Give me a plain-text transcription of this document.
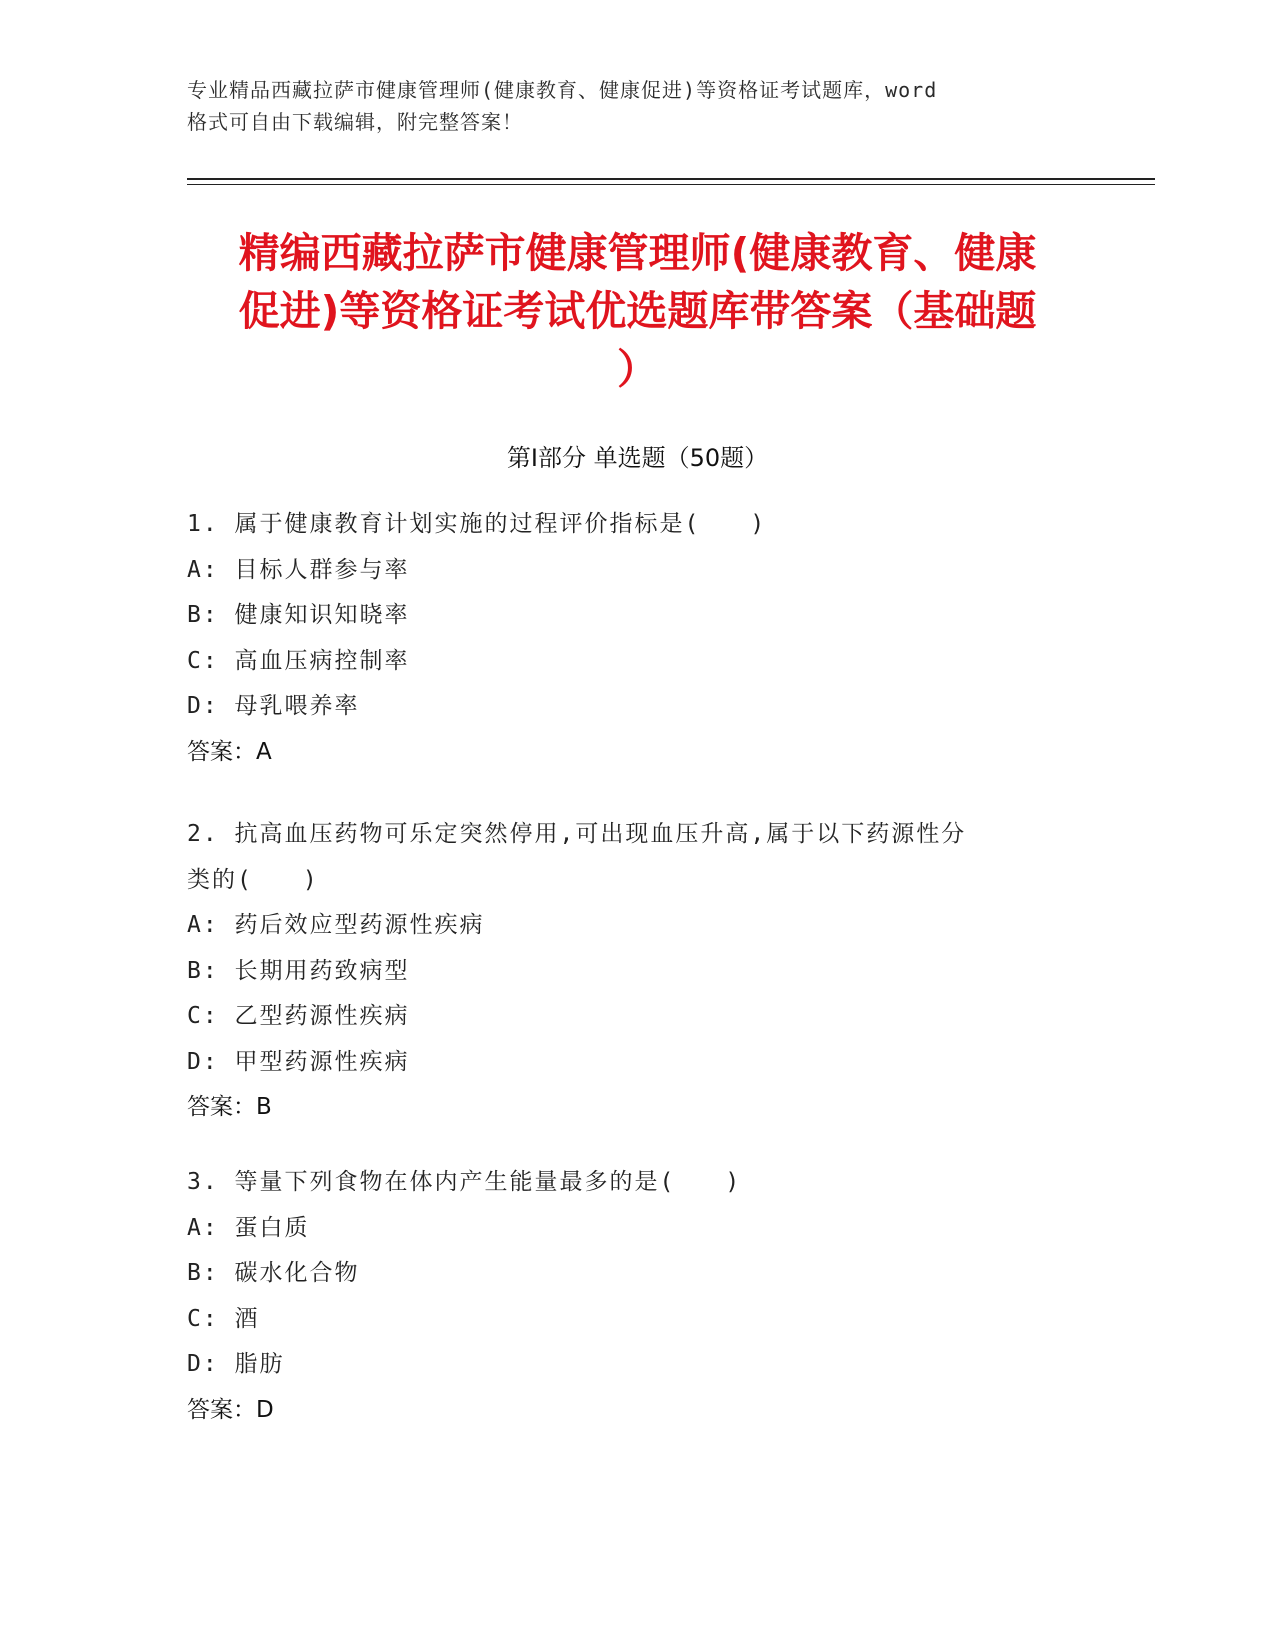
专业精品西藏拉萨市健康管理师(健康教育、健康促进)等资格证考试题库，word
格式可自由下载编辑，附完整答案！
精编西藏拉萨市健康管理师(健康教育、健康
促进)等资格证考试优选题库带答案（基础题
）
第Ⅰ部分 单选题（50题）
1. 属于健康教育计划实施的过程评价指标是(　　)
A: 目标人群参与率
B: 健康知识知晓率
C: 高血压病控制率
D: 母乳喂养率
答案：A
2. 抗高血压药物可乐定突然停用,可出现血压升高,属于以下药源性分
类的(　　)
A: 药后效应型药源性疾病
B: 长期用药致病型
C: 乙型药源性疾病
D: 甲型药源性疾病
答案：B
3. 等量下列食物在体内产生能量最多的是(　　)
A: 蛋白质
B: 碳水化合物
C: 酒
D: 脂肪
答案：D
